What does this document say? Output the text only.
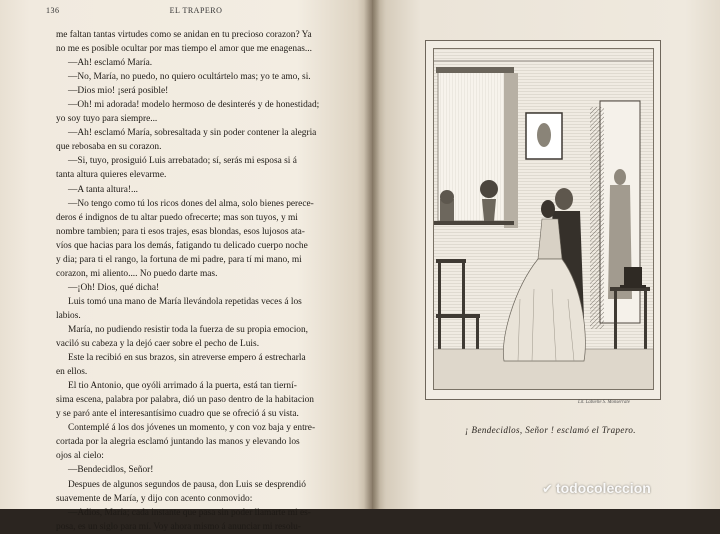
136	EL TRAPERO
me faltan tantas virtudes como se anidan en tu precioso corazon? Ya
no me es posible ocultar por mas tiempo el amor que me enagenas...
—Ah! esclamó María.
—No, María, no puedo, no quiero ocultártelo mas; yo te amo, si.
—Dios mio! ¡será posible!
—Oh! mi adorada! modelo hermoso de desinterés y de honestidad;
yo soy tuyo para siempre...
—Ah! esclamó María, sobresaltada y sin poder contener la alegria
que rebosaba en su corazon.
—Si, tuyo, prosiguió Luis arrebatado; sí, serás mi esposa si á
tanta altura quieres elevarme.
—A tanta altura!...
—No tengo como tú los ricos dones del alma, solo bienes perece-
deros é indignos de tu altar puedo ofrecerte; mas son tuyos, y mi
nombre tambien; para ti esos trajes, esas blondas, esos lujosos ata-
víos que hacias para los demás, fatigando tu delicado cuerpo noche
y dia; para ti el rango, la fortuna de mi padre, para tí mi mano, mi
corazon, mi aliento.... No puedo darte mas.
—¡Oh! Dios, qué dicha!
Luis tomó una mano de María llevándola repetidas veces á los
labios.
María, no pudiendo resistir toda la fuerza de su propia emocion,
vaciló su cabeza y la dejó caer sobre el pecho de Luis.
Este la recibió en sus brazos, sin atreverse empero á estrecharla
en ellos.
El tio Antonio, que oyóli arrimado á la puerta, está tan tierní-
sima escena, palabra por palabra, dió un paso dentro de la habitacion
y se paró ante el interesantísimo cuadro que se ofreció á su vista.
Contemplé á los dos jóvenes un momento, y con voz baja y entre-
cortada por la alegria esclamó juntando las manos y elevando los
ojos al cielo:
—Bendecidlos, Señor!
Despues de algunos segundos de pausa, don Luis se desprendió
suavemente de María, y dijo con acento conmovido:
—Adios, María; cada instante que pasa sin poder llamarte mi es-
posa, es un siglo para mí. Voy ahora mismo á anunciar mi resolu-
Lit. Labielle S. Monserrate
¡ Bendecidlos, Señor ! esclamó el Trapero.
✔ todocoleccion
